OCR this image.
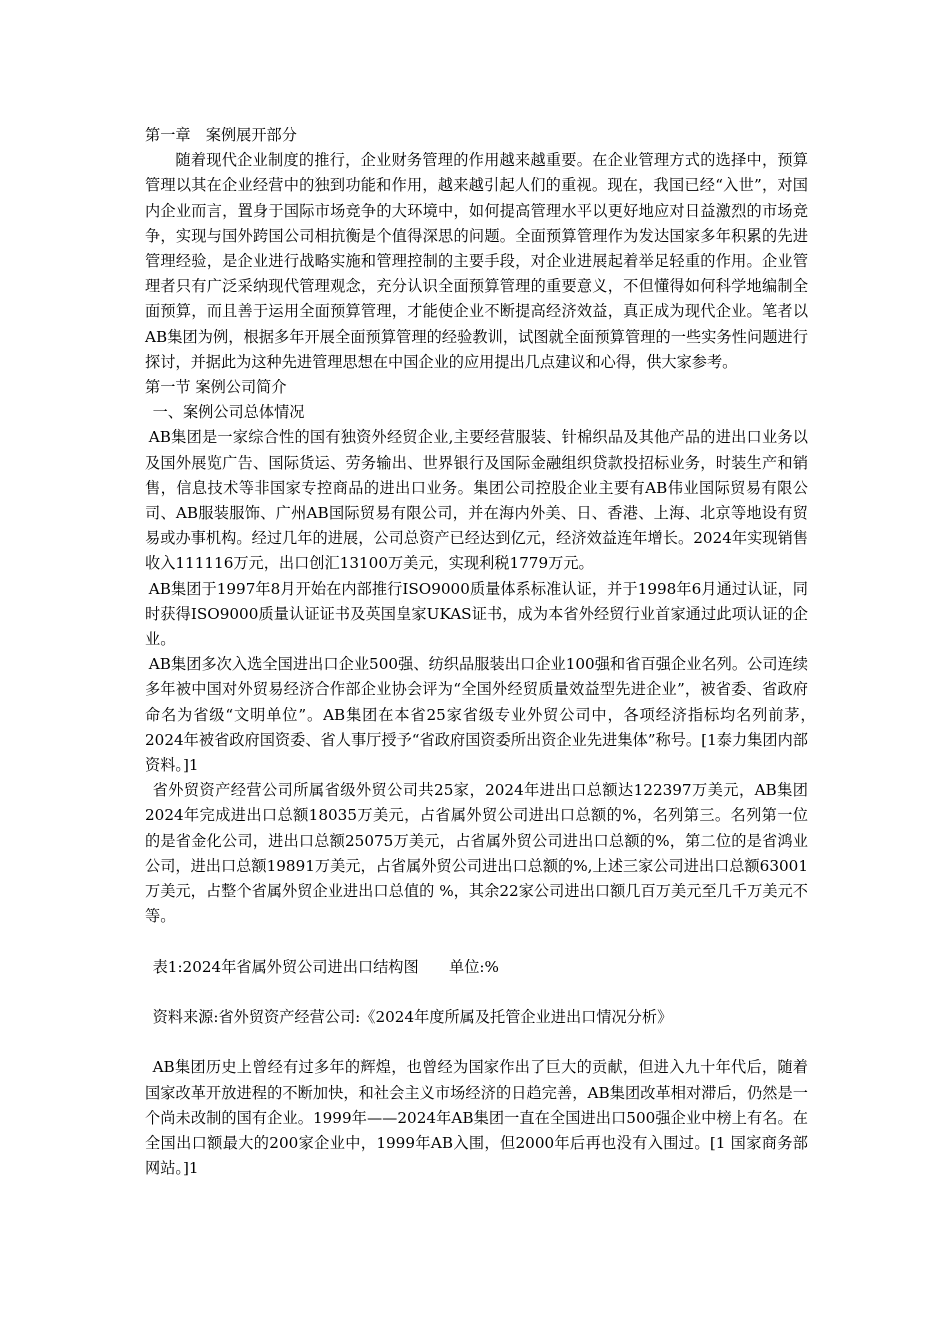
第一章　案例展开部分

随着现代企业制度的推行，企业财务管理的作用越来越重要。在企业管理方式的选择中，预算管理以其在企业经营中的独到功能和作用，越来越引起人们的重视。现在，我国已经“入世”，对国内企业而言，置身于国际市场竞争的大环境中，如何提高管理水平以更好地应对日益激烈的市场竞争，实现与国外跨国公司相抗衡是个值得深思的问题。全面预算管理作为发达国家多年积累的先进管理经验，是企业进行战略实施和管理控制的主要手段，对企业进展起着举足轻重的作用。企业管理者只有广泛采纳现代管理观念，充分认识全面预算管理的重要意义，不但懂得如何科学地编制全面预算，而且善于运用全面预算管理，才能使企业不断提高经济效益，真正成为现代企业。笔者以AB集团为例，根据多年开展全面预算管理的经验教训，试图就全面预算管理的一些实务性问题进行探讨，并据此为这种先进管理思想在中国企业的应用提出几点建议和心得，供大家参考。

第一节 案例公司简介

一、案例公司总体情况

AB集团是一家综合性的国有独资外经贸企业,主要经营服装、针棉织品及其他产品的进出口业务以及国外展览广告、国际货运、劳务输出、世界银行及国际金融组织贷款投招标业务，时装生产和销售，信息技术等非国家专控商品的进出口业务。集团公司控股企业主要有AB伟业国际贸易有限公司、AB服装服饰、广州AB国际贸易有限公司，并在海内外美、日、香港、上海、北京等地设有贸易或办事机构。经过几年的进展，公司总资产已经达到亿元，经济效益连年增长。2024年实现销售收入111116万元，出口创汇13100万美元，实现利税1779万元。

AB集团于1997年8月开始在内部推行ISO9000质量体系标准认证，并于1998年6月通过认证，同时获得ISO9000质量认证证书及英国皇家UKAS证书，成为本省外经贸行业首家通过此项认证的企业。

AB集团多次入选全国进出口企业500强、纺织品服装出口企业100强和省百强企业名列。公司连续多年被中国对外贸易经济合作部企业协会评为“全国外经贸质量效益型先进企业”，被省委、省政府命名为省级“文明单位”。AB集团在本省25家省级专业外贸公司中，各项经济指标均名列前茅，　2024年被省政府国资委、省人事厅授予“省政府国资委所出资企业先进集体”称号。[1泰力集团内部资料。]1

省外贸资产经营公司所属省级外贸公司共25家，2024年进出口总额达122397万美元，AB集团2024年完成进出口总额18035万美元，占省属外贸公司进出口总额的%，名列第三。名列第一位的是省金化公司，进出口总额25075万美元，占省属外贸公司进出口总额的%，第二位的是省鸿业公司，进出口总额19891万美元，占省属外贸公司进出口总额的%,上述三家公司进出口总额63001万美元，占整个省属外贸企业进出口总值的 %，其余22家公司进出口额几百万美元至几千万美元不等。

表1:2024年省属外贸公司进出口结构图　　单位:%

资料来源:省外贸资产经营公司:《2024年度所属及托管企业进出口情况分析》

AB集团历史上曾经有过多年的辉煌，也曾经为国家作出了巨大的贡献，但进入九十年代后，随着国家改革开放进程的不断加快，和社会主义市场经济的日趋完善，AB集团改革相对滞后，仍然是一个尚未改制的国有企业。1999年——2024年AB集团一直在全国进出口500强企业中榜上有名。在全国出口额最大的200家企业中，1999年AB入围，但2000年后再也没有入围过。[1 国家商务部网站。]1
